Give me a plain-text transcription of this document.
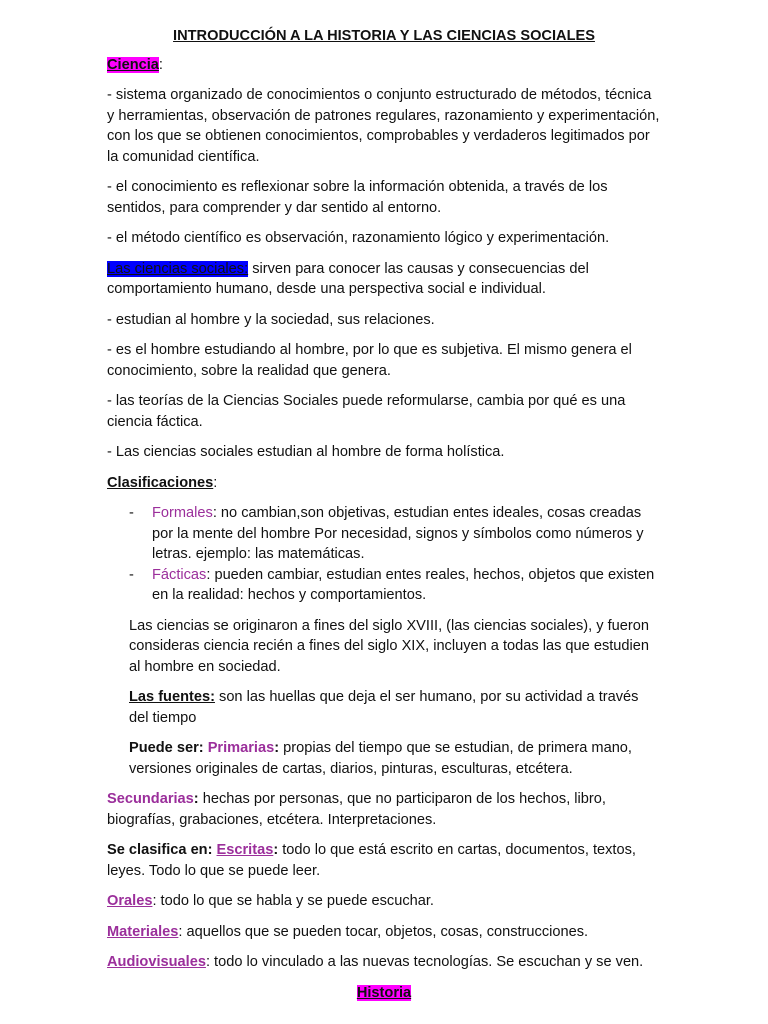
INTRODUCCIÓN A LA HISTORIA Y LAS CIENCIAS SOCIALES

Ciencia:

- sistema organizado de conocimientos o conjunto estructurado de métodos, técnica y herramientas, observación de patrones regulares, razonamiento y experimentación, con los que se obtienen conocimientos, comprobables y verdaderos legitimados por la comunidad científica.

- el conocimiento es reflexionar sobre la información obtenida, a través de los sentidos, para comprender y dar sentido al entorno.

- el método científico es observación, razonamiento lógico y experimentación.

Las ciencias sociales: sirven para conocer las causas y consecuencias del comportamiento humano, desde una perspectiva social e individual.

- estudian al hombre y la sociedad, sus relaciones.

- es el hombre estudiando al hombre, por lo que es subjetiva. El mismo genera el conocimiento, sobre la realidad que genera.

- las teorías de la Ciencias Sociales puede reformularse, cambia por qué es una ciencia fáctica.

- Las ciencias sociales estudian al hombre de forma holística.

Clasificaciones:

- Formales: no cambian,son objetivas, estudian entes ideales, cosas creadas por la mente del hombre Por necesidad, signos y símbolos como números y letras. ejemplo: las matemáticas.
- Fácticas: pueden cambiar, estudian entes reales, hechos, objetos que existen en la realidad: hechos y comportamientos.

Las ciencias se originaron a fines del siglo XVIII, (las ciencias sociales), y fueron consideras ciencia recién a fines del siglo XIX, incluyen a todas las que estudien al hombre en sociedad.

Las fuentes: son las huellas que deja el ser humano, por su actividad a través del tiempo

Puede ser: Primarias: propias del tiempo que se estudian, de primera mano, versiones originales de cartas, diarios, pinturas, esculturas, etcétera.

Secundarias: hechas por personas, que no participaron de los hechos, libro, biografías, grabaciones, etcétera. Interpretaciones.

Se clasifica en: Escritas: todo lo que está escrito en cartas, documentos, textos, leyes. Todo lo que se puede leer.

Orales: todo lo que se habla y se puede escuchar.

Materiales: aquellos que se pueden tocar, objetos, cosas, construcciones.

Audiovisuales: todo lo vinculado a las nuevas tecnologías. Se escuchan y se ven.

Historia
